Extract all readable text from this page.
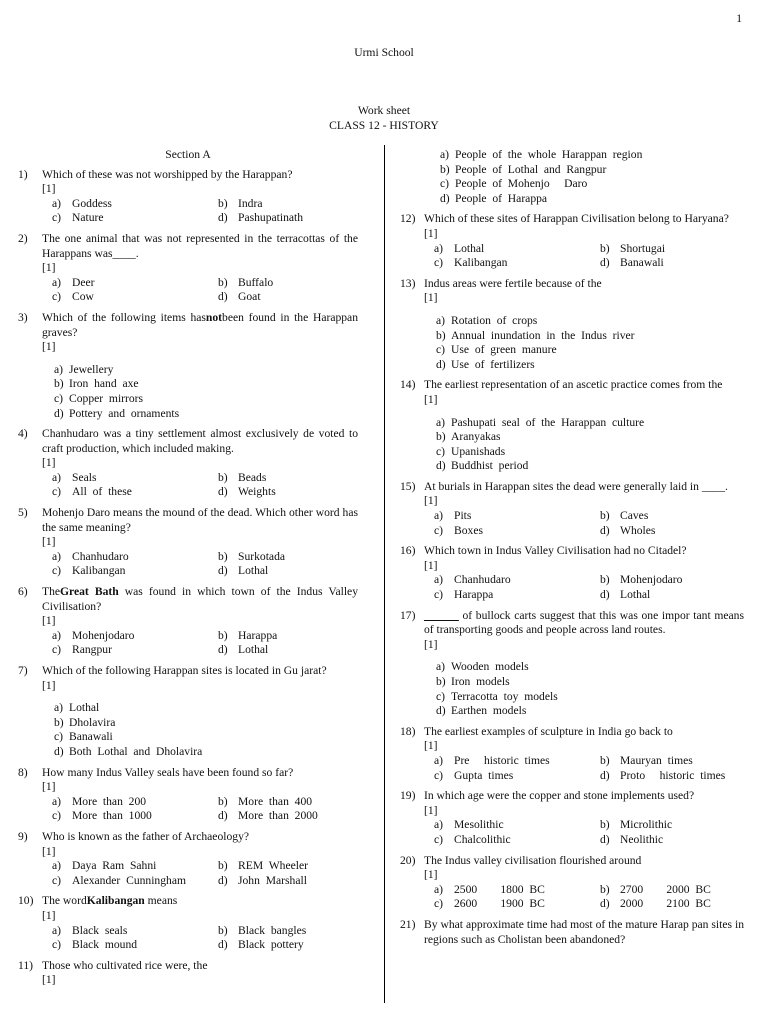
1
Urmi School
Work sheet
CLASS 12 - HISTORY
Section A
1)	Which of these was not worshipped by the Harappan?
[1]
a) Goddess	b) Indra
c) Nature	d) Pashupatinath
2)	The one animal that was not represented in the terracottas of the Harappans was____.
[1]
a) Deer	b) Buffalo
c) Cow	d) Goat
3)	Which of the following items hasnotbeen found in the Harappan graves?
[1]
a) Jewellery
b) Iron  hand  axe
c) Copper  mirrors
d) Pottery  and  ornaments
4)	Chanhudaro was a tiny settlement almost exclusively de voted to craft production, which included making.
[1]
a) Seals	b) Beads
c) All  of  these	d) Weights
5)	Mohenjo Daro means the mound of the dead. Which other word has the same meaning?
[1]
a) Chanhudaro	b) Surkotada
c) Kalibangan	d) Lothal
6)	TheGreat Bath was found in which town of the Indus Valley Civilisation?
[1]
a) Mohenjodaro	b) Harappa
c) Rangpur	d) Lothal
7)	Which of the following Harappan sites is located in Gu jarat?
[1]
a) Lothal
b) Dholavira
c) Banawali
d) Both  Lothal  and  Dholavira
8)	How many Indus Valley seals have been found so far?
[1]
a) More  than  200	b) More  than  400
c) More  than  1000	d) More  than  2000
9)	Who is known as the father of Archaeology?
[1]
a) Daya  Ram  Sahni	b) REM  Wheeler
c) Alexander  Cunningham	d) John  Marshall
10) The wordKalibangan means
[1]
a) Black  seals	b) Black  bangles
c) Black  mound	d) Black  pottery
11) Those who cultivated rice were, the
[1]
a) People  of  the  whole  Harappan  region
b) People  of  Lothal  and  Rangpur
c) People  of  Mohenjo     Daro
d) People  of  Harappa
12) Which of these sites of Harappan Civilisation belong to Haryana?
[1]
a) Lothal	b) Shortugai
c) Kalibangan	d) Banawali
13) Indus areas were fertile because of the
[1]
a) Rotation  of  crops
b) Annual  inundation  in  the  Indus  river
c) Use  of  green  manure
d) Use  of  fertilizers
14) The earliest representation of an ascetic practice comes from the
[1]
a) Pashupati  seal  of  the  Harappan  culture
b) Aranyakas
c) Upanishads
d) Buddhist  period
15) At burials in Harappan sites the dead were generally laid in ____.
[1]
a) Pits	b) Caves
c) Boxes	d) Wholes
16) Which town in Indus Valley Civilisation had no Citadel?
[1]
a) Chanhudaro	b) Mohenjodaro
c) Harappa	d) Lothal
17) ______ of bullock carts suggest that this was one impor tant means of transporting goods and people across land routes.
[1]
a) Wooden  models
b) Iron  models
c) Terracotta  toy  models
d) Earthen  models
18) The earliest examples of sculpture in India go back to
[1]
a) Pre     historic  times	b) Mauryan  times
c) Gupta  times	d) Proto     historic  times
19) In which age were the copper and stone implements used?
[1]
a) Mesolithic	b) Microlithic
c) Chalcolithic	d) Neolithic
20) The Indus valley civilisation flourished around
[1]
a) 2500        1800  BC	b) 2700        2000  BC
c) 2600        1900  BC	d) 2000        2100  BC
21) By what approximate time had most of the mature Harap pan sites in regions such as Cholistan been abandoned?
